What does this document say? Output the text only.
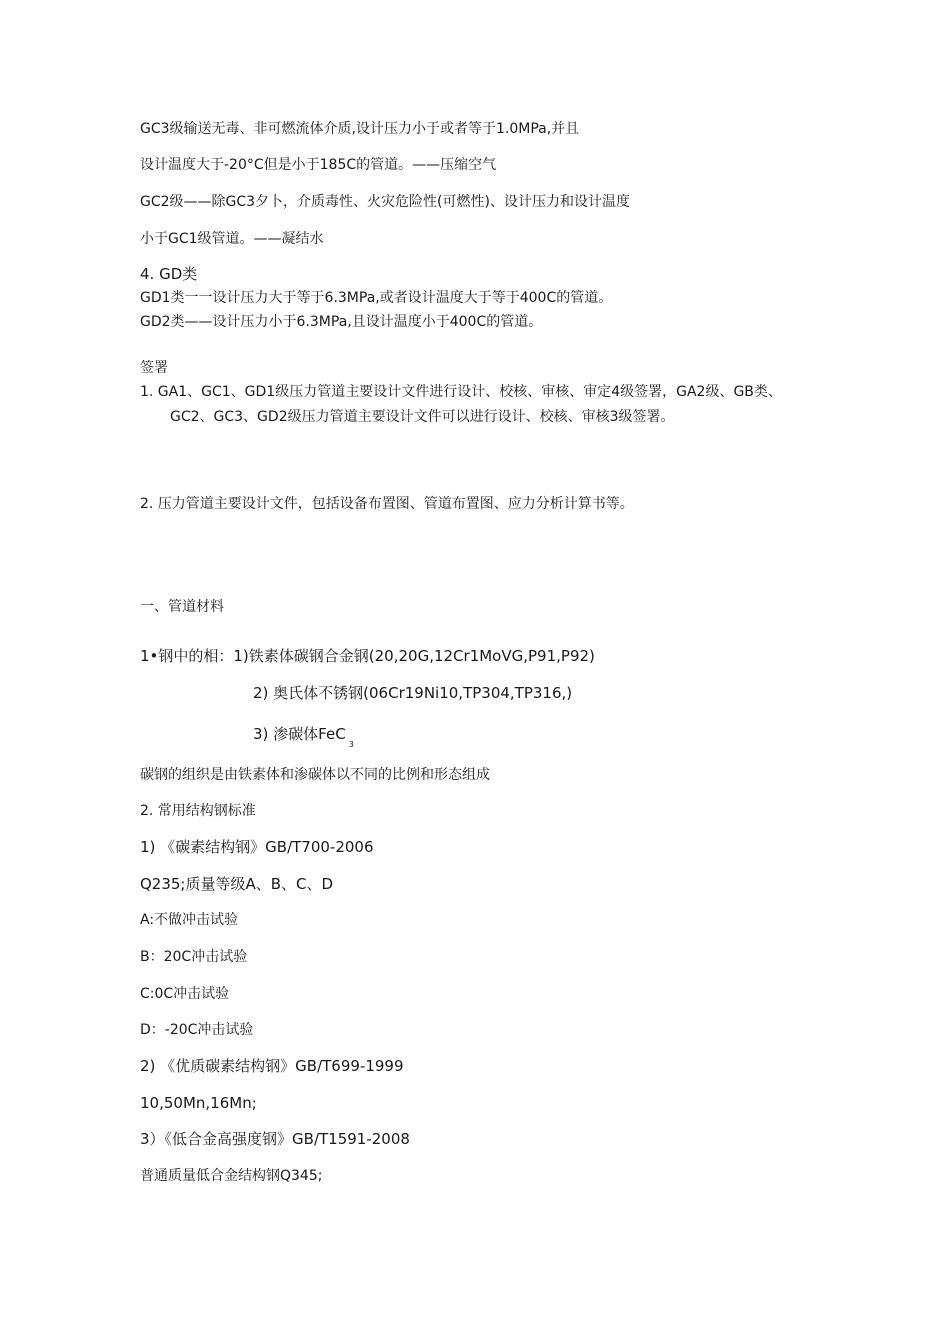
GC3级输送无毒、非可燃流体介质,设计压力小于或者等于1.0MPa,并且
设计温度大于-20°C但是小于185C的管道。——压缩空气
GC2级——除GC3夕卜，介质毒性、火灾危险性(可燃性)、设计压力和设计温度
小于GC1级管道。——凝结水
4. GD类
GD1类一一设计压力大于等于6.3MPa,或者设计温度大于等于400C的管道。
GD2类——设计压力小于6.3MPa,且设计温度小于400C的管道。
签署
1. GA1、GC1、GD1级压力管道主要设计文件进行设计、校核、审核、审定4级签署，GA2级、GB类、
GC2、GC3、GD2级压力管道主要设计文件可以进行设计、校核、审核3级签署。
2. 压力管道主要设计文件，包括设备布置图、管道布置图、应力分析计算书等。
一、管道材料
1•钢中的相：1)铁素体碳钢合金钢(20,20G,12Cr1MoVG,P91,P92)
2) 奥氏体不锈钢(06Cr19Ni10,TP304,TP316,)
3) 渗碳体FeC$_3$
碳钢的组织是由铁素体和渗碳体以不同的比例和形态组成
2. 常用结构钢标准
1) 《碳素结构钢》GB/T700-2006
Q235;质量等级A、B、C、D
A:不做冲击试验
B：20C冲击试验
C:0C冲击试验
D：-20C冲击试验
2) 《优质碳素结构钢》GB/T699-1999
10,50Mn,16Mn;
3）《低合金高强度钢》GB/T1591-2008
普通质量低合金结构钢Q345;
